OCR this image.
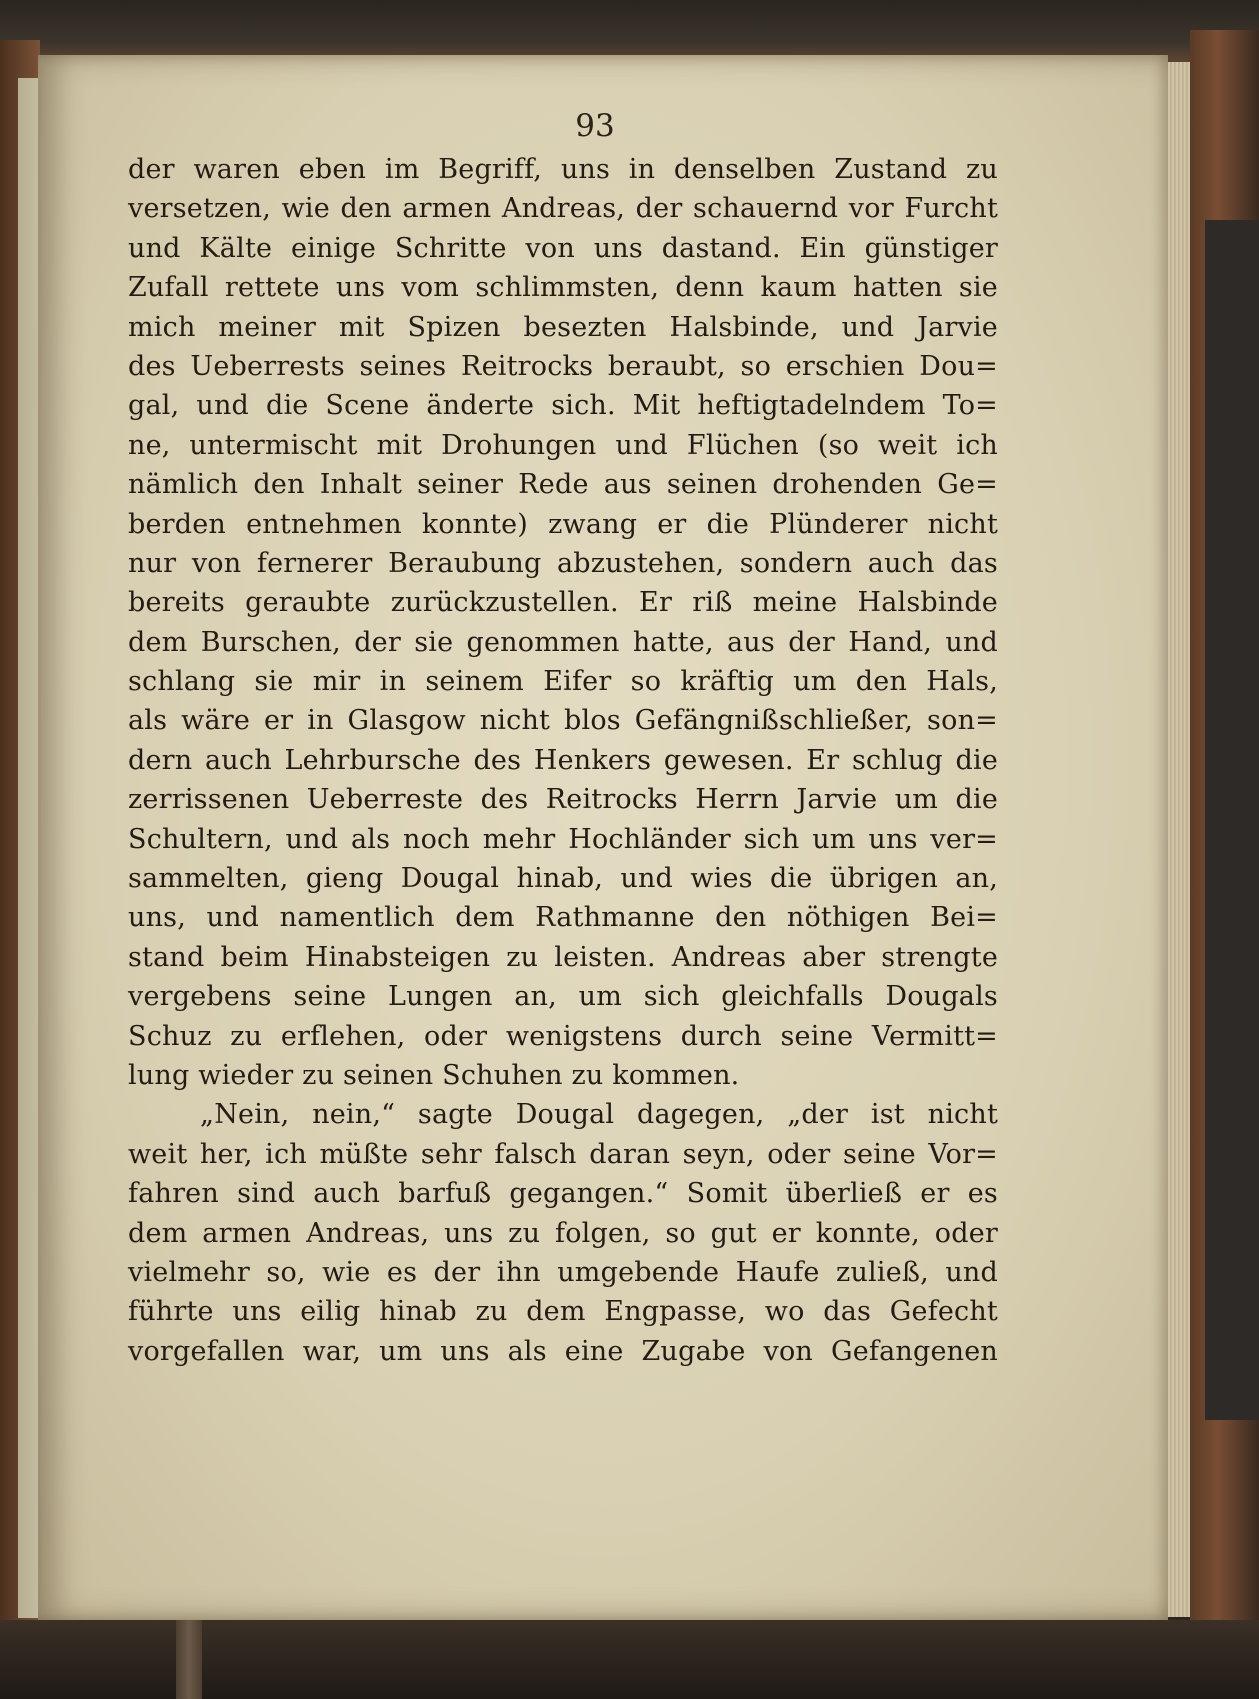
93
der waren eben im Begriff, uns in denselben Zustand zu
versetzen, wie den armen Andreas, der schauernd vor Furcht
und Kälte einige Schritte von uns dastand. Ein günstiger
Zufall rettete uns vom schlimmsten, denn kaum hatten sie
mich meiner mit Spizen besezten Halsbinde, und Jarvie
des Ueberrests seines Reitrocks beraubt, so erschien Dou=
gal, und die Scene änderte sich. Mit heftigtadelndem To=
ne, untermischt mit Drohungen und Flüchen (so weit ich
nämlich den Inhalt seiner Rede aus seinen drohenden Ge=
berden entnehmen konnte) zwang er die Plünderer nicht
nur von fernerer Beraubung abzustehen, sondern auch das
bereits geraubte zurückzustellen. Er riß meine Halsbinde
dem Burschen, der sie genommen hatte, aus der Hand, und
schlang sie mir in seinem Eifer so kräftig um den Hals,
als wäre er in Glasgow nicht blos Gefängnißschließer, son=
dern auch Lehrbursche des Henkers gewesen. Er schlug die
zerrissenen Ueberreste des Reitrocks Herrn Jarvie um die
Schultern, und als noch mehr Hochländer sich um uns ver=
sammelten, gieng Dougal hinab, und wies die übrigen an,
uns, und namentlich dem Rathmanne den nöthigen Bei=
stand beim Hinabsteigen zu leisten. Andreas aber strengte
vergebens seine Lungen an, um sich gleichfalls Dougals
Schuz zu erflehen, oder wenigstens durch seine Vermitt=
lung wieder zu seinen Schuhen zu kommen.
„Nein, nein,“ sagte Dougal dagegen, „der ist nicht
weit her, ich müßte sehr falsch daran seyn, oder seine Vor=
fahren sind auch barfuß gegangen.“ Somit überließ er es
dem armen Andreas, uns zu folgen, so gut er konnte, oder
vielmehr so, wie es der ihn umgebende Haufe zuließ, und
führte uns eilig hinab zu dem Engpasse, wo das Gefecht
vorgefallen war, um uns als eine Zugabe von Gefangenen
